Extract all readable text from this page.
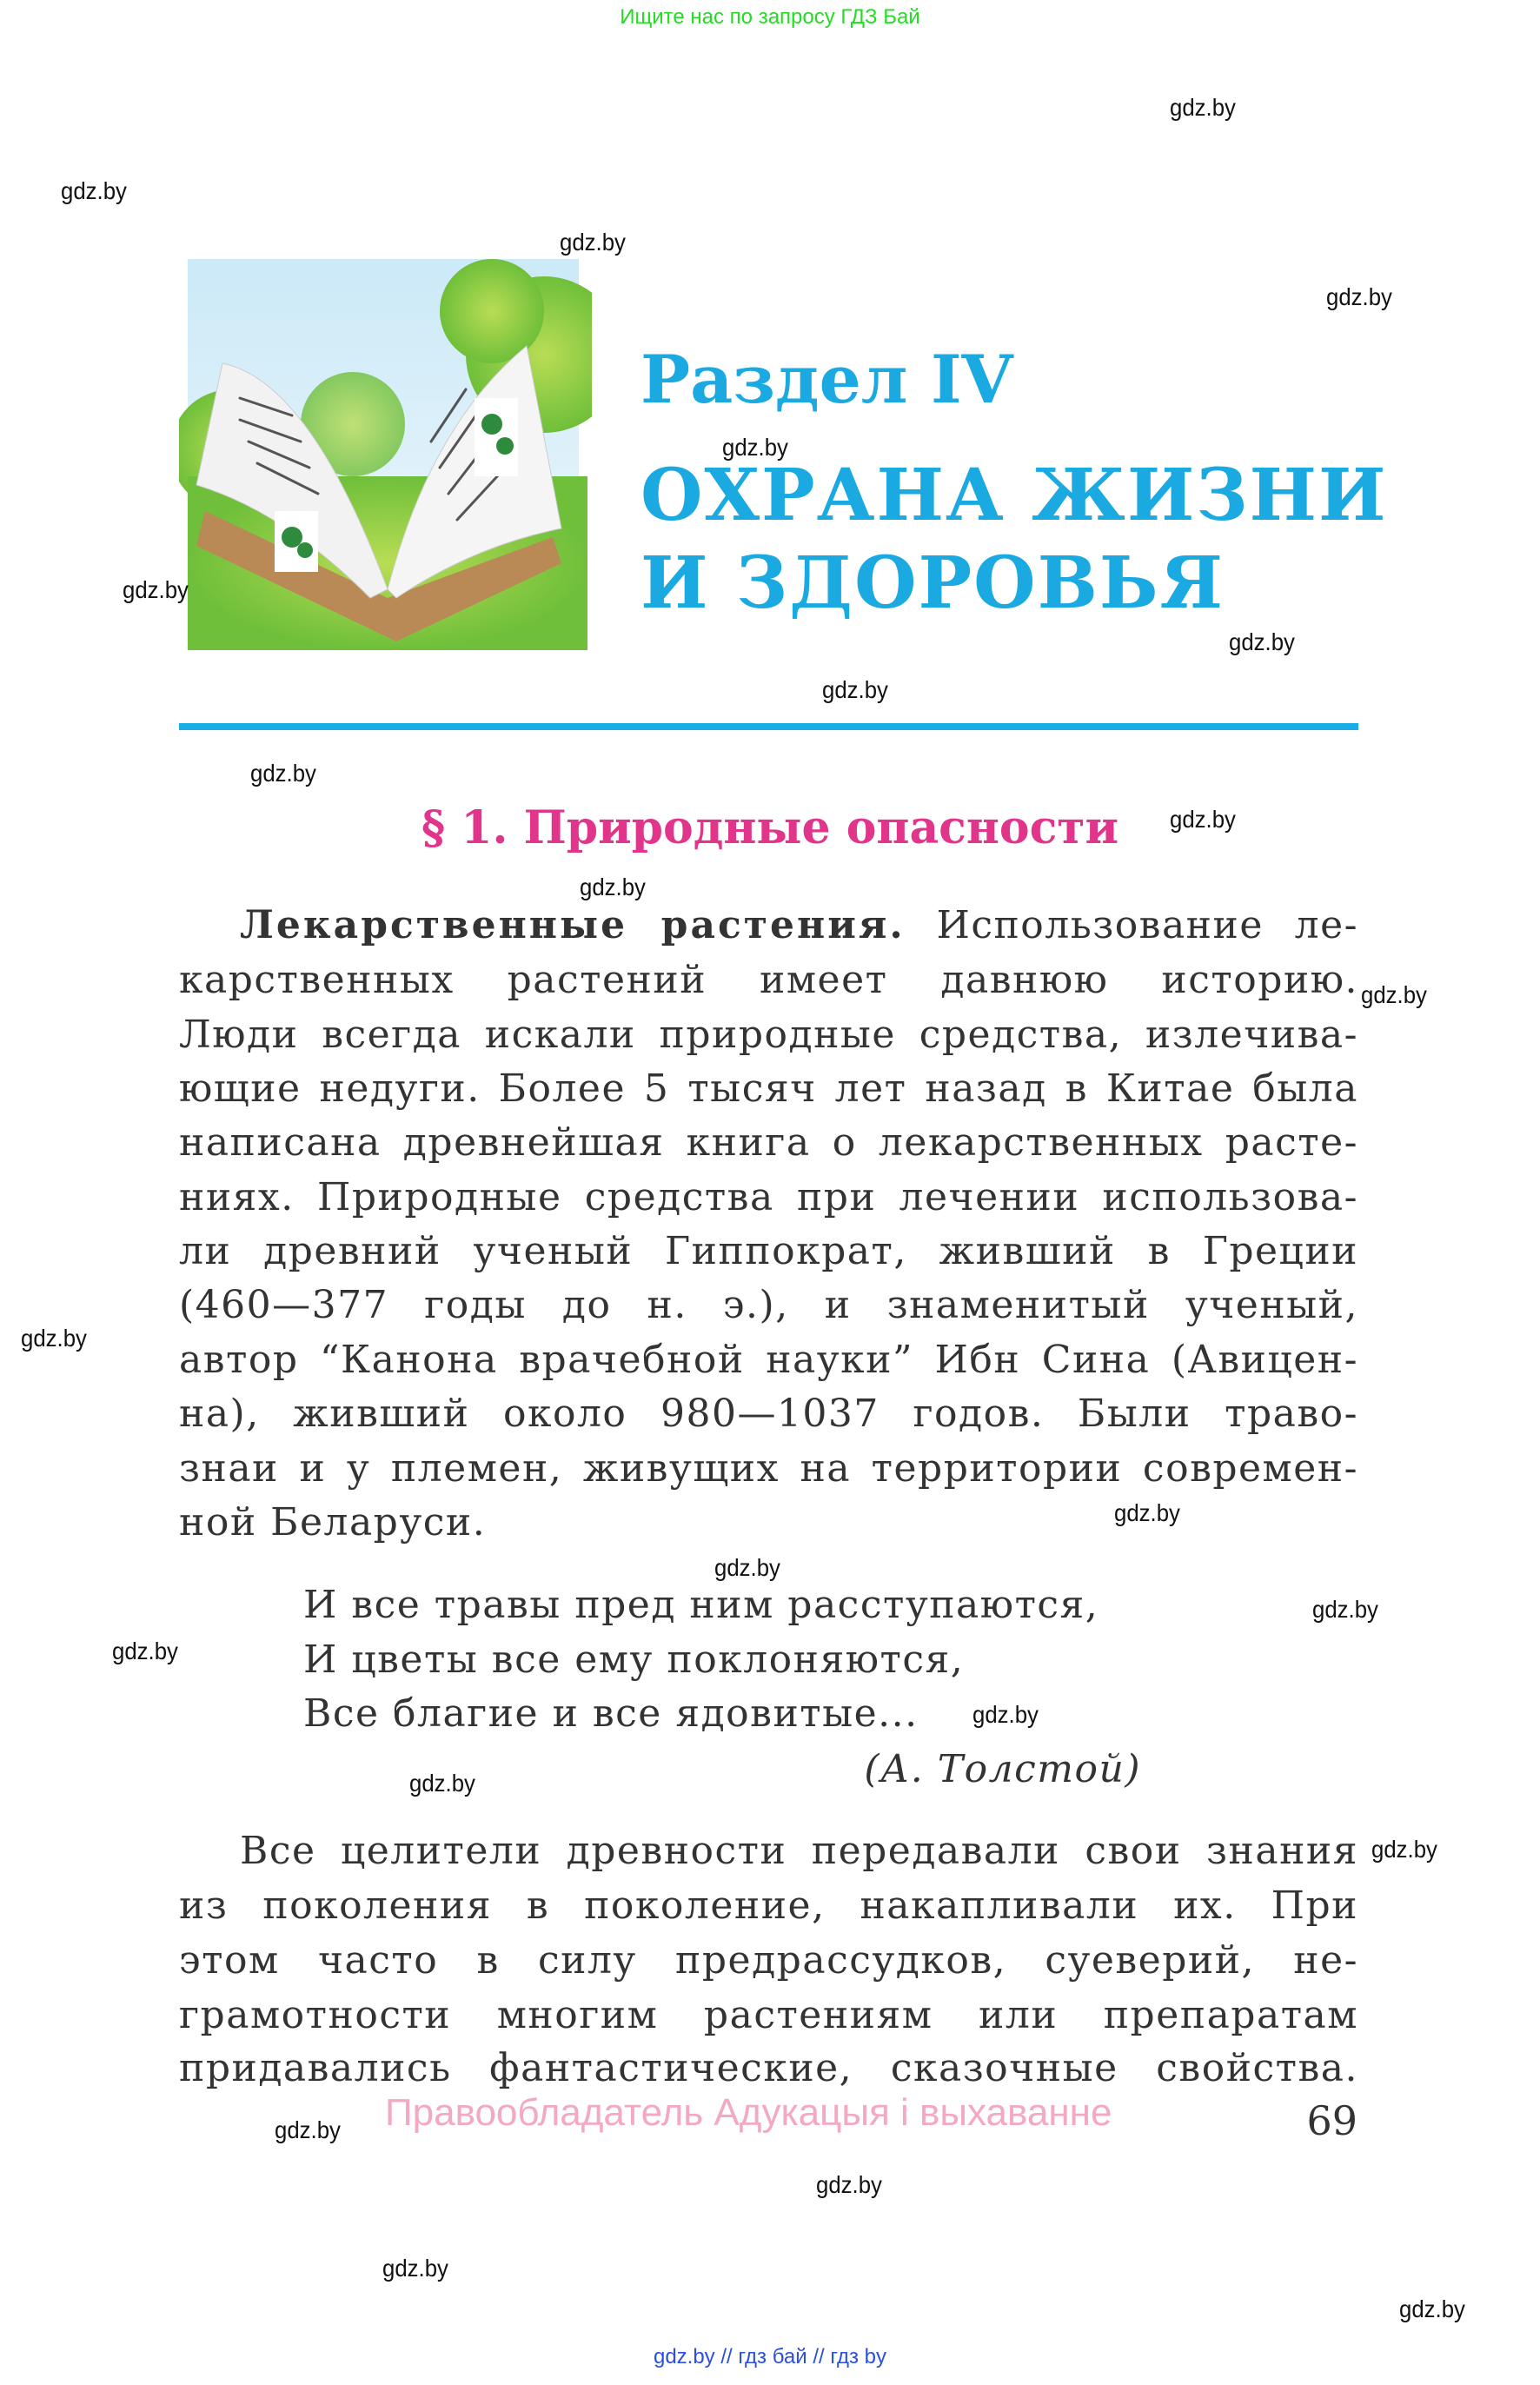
Ищите нас по запросу ГДЗ Бай
Раздел IV
ОХРАНА ЖИЗНИ
И ЗДОРОВЬЯ
§ 1. Природные опасности
Лекарственные растения. Использование ле-
карственных растений имеет давнюю историю.
Люди всегда искали природные средства, излечива-
ющие недуги. Более 5 тысяч лет назад в Китае была
написана древнейшая книга о лекарственных расте-
ниях. Природные средства при лечении использова-
ли древний ученый Гиппократ, живший в Греции
(460—377 годы до н. э.), и знаменитый ученый,
автор “Канона врачебной науки” Ибн Сина (Авицен-
на), живший около 980—1037 годов. Были траво-
знаи и у племен, живущих на территории современ-
ной Беларуси.
И все травы пред ним расступаются,
И цветы все ему поклоняются,
Все благие и все ядовитые...
(А. Толстой)
Все целители древности передавали свои знания
из поколения в поколение, накапливали их. При
этом часто в силу предрассудков, суеверий, не-
грамотности многим растениям или препаратам
придавались фантастические, сказочные свойства.
Правообладатель Адукацыя і выхаванне	69
gdz.by // гдз бай // гдз by
gdz.by
gdz.by
gdz.by
gdz.by
gdz.by
gdz.by
gdz.by
gdz.by
gdz.by
gdz.by
gdz.by
gdz.by
gdz.by
gdz.by
gdz.by
gdz.by
gdz.by
gdz.by
gdz.by
gdz.by
gdz.by
gdz.by
gdz.by
gdz.by
